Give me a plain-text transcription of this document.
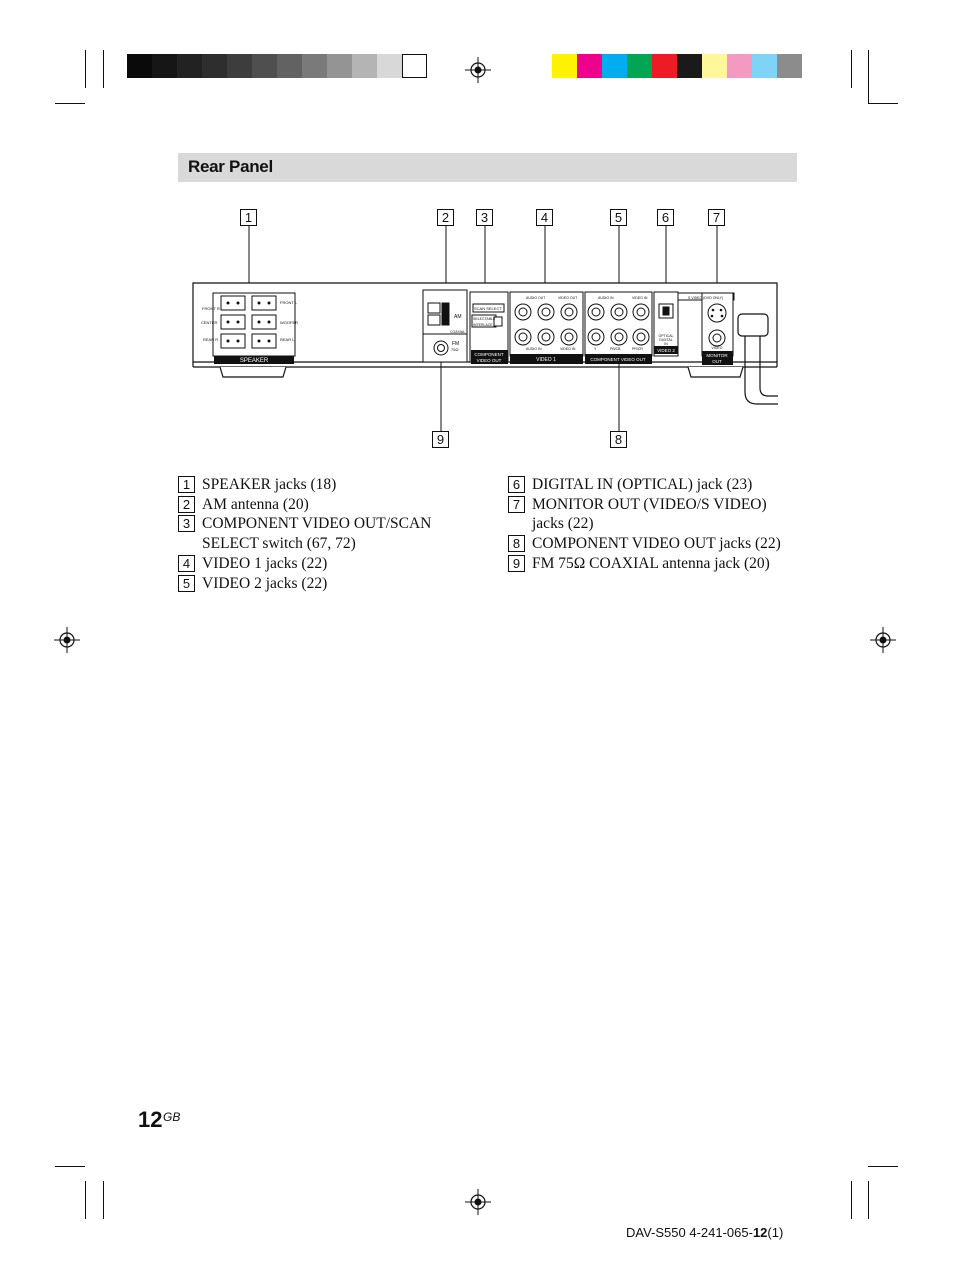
Rear Panel
1	2	3	4	5	6	7
9	8
SPEAKER
FRONT R
CENTER
REAR R
FRONT L
WOOFER
REAR L
AM
COAXIAL
FM
75Ω
SCAN SELECT
SELECTABLE
INTERLACE
COMPONENT
VIDEO OUT
AUDIO OUT	VIDEO OUT
AUDIO IN	VIDEO IN
VIDEO 1
AUDIO IN	VIDEO IN
OPTICAL
DIGITAL
IN
VIDEO 2
Y	PB/CB	PR/CR
COMPONENT VIDEO OUT
S VIDEO (DVD ONLY)
VIDEO
MONITOR
OUT
1 SPEAKER jacks (18)
2 AM antenna (20)
3 COMPONENT VIDEO OUT/SCAN
SELECT switch (67, 72)
4 VIDEO 1 jacks (22)
5 VIDEO 2 jacks (22)
6 DIGITAL IN (OPTICAL) jack (23)
7 MONITOR OUT (VIDEO/S VIDEO)
jacks (22)
8 COMPONENT VIDEO OUT jacks (22)
9 FM 75Ω COAXIAL antenna jack (20)
12 GB
DAV-S550 4-241-065-12(1)
